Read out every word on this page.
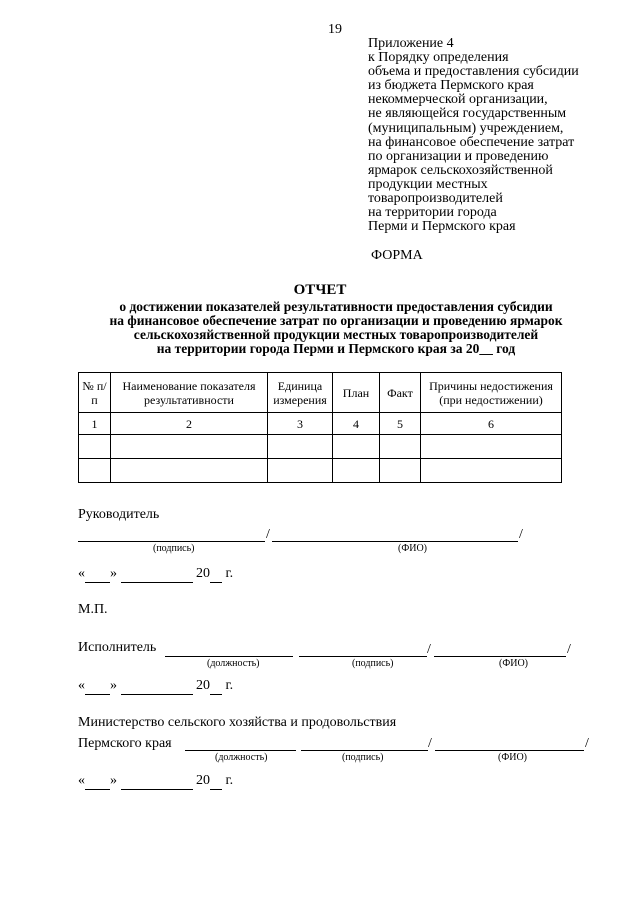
19
Приложение 4
к Порядку определения
объема и предоставления субсидии
из бюджета Пермского края
некоммерческой организации,
не являющейся государственным
(муниципальным) учреждением,
на финансовое обеспечение затрат
по организации и проведению
ярмарок сельскохозяйственной
продукции местных
товаропроизводителей
на территории города
Перми и Пермского края
ФОРМА
ОТЧЕТ
о достижении показателей результативности предоставления субсидии
на финансовое обеспечение затрат по организации и проведению ярмарок
сельскохозяйственной продукции местных товаропроизводителей
на территории города Перми и Пермского края за 20__ год
№ п/п	Наименование показателя результативности	Единица измерения	План	Факт	Причины недостижения (при недостижении)
1	2	3	4	5	6

Руководитель
/	/
(подпись)	(ФИО)
« »	20 г.
М.П.
Исполнитель	/	/
(должность)	(подпись)	(ФИО)
« »	20 г.
Министерство сельского хозяйства и продовольствия
Пермского края	/	/
(должность)	(подпись)	(ФИО)
« »	20 г.
